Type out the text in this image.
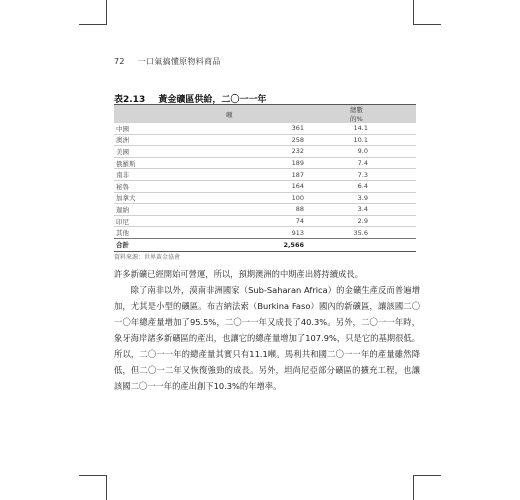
72 一口氣搞懂原物料商品
表2.13 黃金礦區供給，二〇一一年
	噸	總數的%
中國	361	14.1
澳洲	258	10.1
美國	232	9.0
俄羅斯	189	7.4
南非	187	7.3
秘魯	164	6.4
加拿大	100	3.9
迦納	88	3.4
印尼	74	2.9
其他	913	35.6
合計	2,566	
資料來源：世界黃金協會

許多新礦已經開始可營運，所以，預期澳洲的中期產出將持續成長。

除了南非以外，漠南非洲國家（Sub-Saharan Africa）的金礦生產反而普遍增加，尤其是小型的礦區。布吉納法索（Burkina Faso）國內的新礦區，讓該國二〇一〇年總產量增加了95.5%，二〇一一年又成長了40.3%。另外，二〇一一年時，象牙海岸諸多新礦區的產出，也讓它的總產量增加了107.9%，只是它的基期很低。所以，二〇一一年的總產量其實只有11.1噸。馬利共和國二〇一一年的產量雖然降低，但二〇一二年又恢復強勁的成長。另外，坦尚尼亞部分礦區的擴充工程，也讓該國二〇一一年的產出創下10.3%的年增率。
